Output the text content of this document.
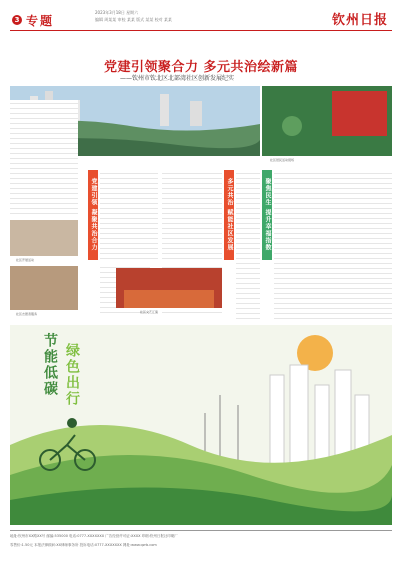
3 专题
2023年3月18日 星期六
编辑 周某某 审校 某某 版式 某某 校对 某某	钦州日报
党建引领聚合力 多元共治绘新篇
——钦州市钦北区北部湾社区创新发展纪实
社区居民活动现场
党建引领 凝聚共治合力	多元共治 赋能社区发展	聚焦民生 提升幸福指数
社区开展活动
社区志愿者服务	社区文艺汇演
节能低碳 绿色出行
地址:钦州市XX路XX号 邮编:535000 电话:0777-XXXXXXX 广告经营许可证:XXXX 印刷:钦州日报社印刷厂
零售价:1.50元 本报法律顾问:XX律师事务所 投诉电话:0777-XXXXXXX 网址:www.qzrb.com
